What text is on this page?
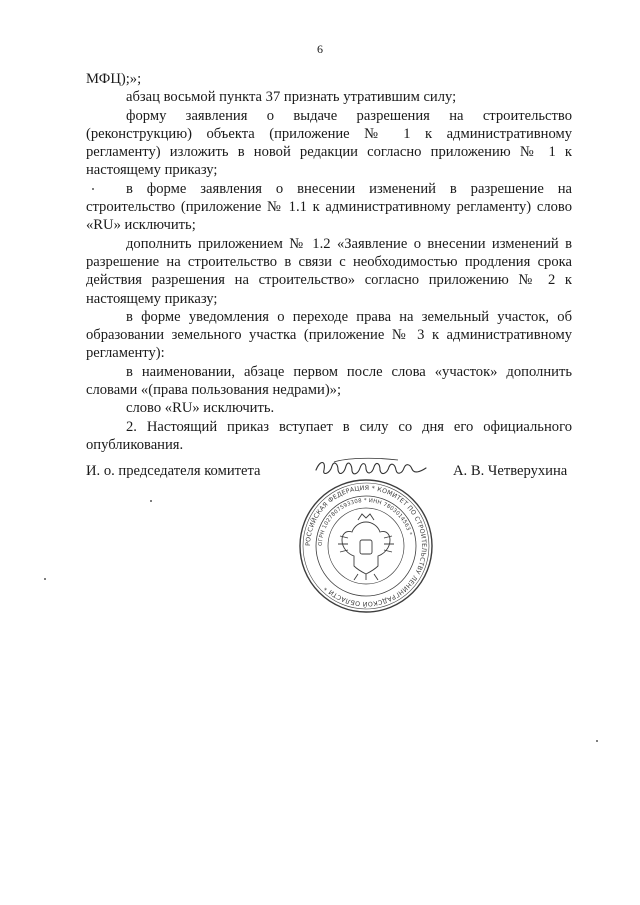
6

МФЦ);»;

абзац восьмой пункта 37 признать утратившим силу;

форму заявления о выдаче разрешения на строительство (реконструкцию) объекта (приложение № 1 к административному регламенту) изложить в новой редакции согласно приложению № 1 к настоящему приказу;

в форме заявления о внесении изменений в разрешение на строительство (приложение № 1.1 к административному регламенту) слово «RU» исключить;

дополнить приложением № 1.2 «Заявление о внесении изменений в разрешение на строительство в связи с необходимостью продления срока действия разрешения на строительство» согласно приложению № 2 к настоящему приказу;

в форме уведомления о переходе права на земельный участок, об образовании земельного участка (приложение № 3 к административному регламенту):

в наименовании, абзаце первом после слова «участок» дополнить словами «(права пользования недрами)»;

слово «RU» исключить.

2. Настоящий приказ вступает в силу со дня его официального опубликования.

И. о. председателя комитета	А. В. Четверухина
РОССИЙСКАЯ ФЕДЕРАЦИЯ * КОМИТЕТ ПО СТРОИТЕЛЬСТВУ ЛЕНИНГРАДСКОЙ ОБЛАСТИ *
ОГРН 1027807593308 * ИНН 7803014563 *
